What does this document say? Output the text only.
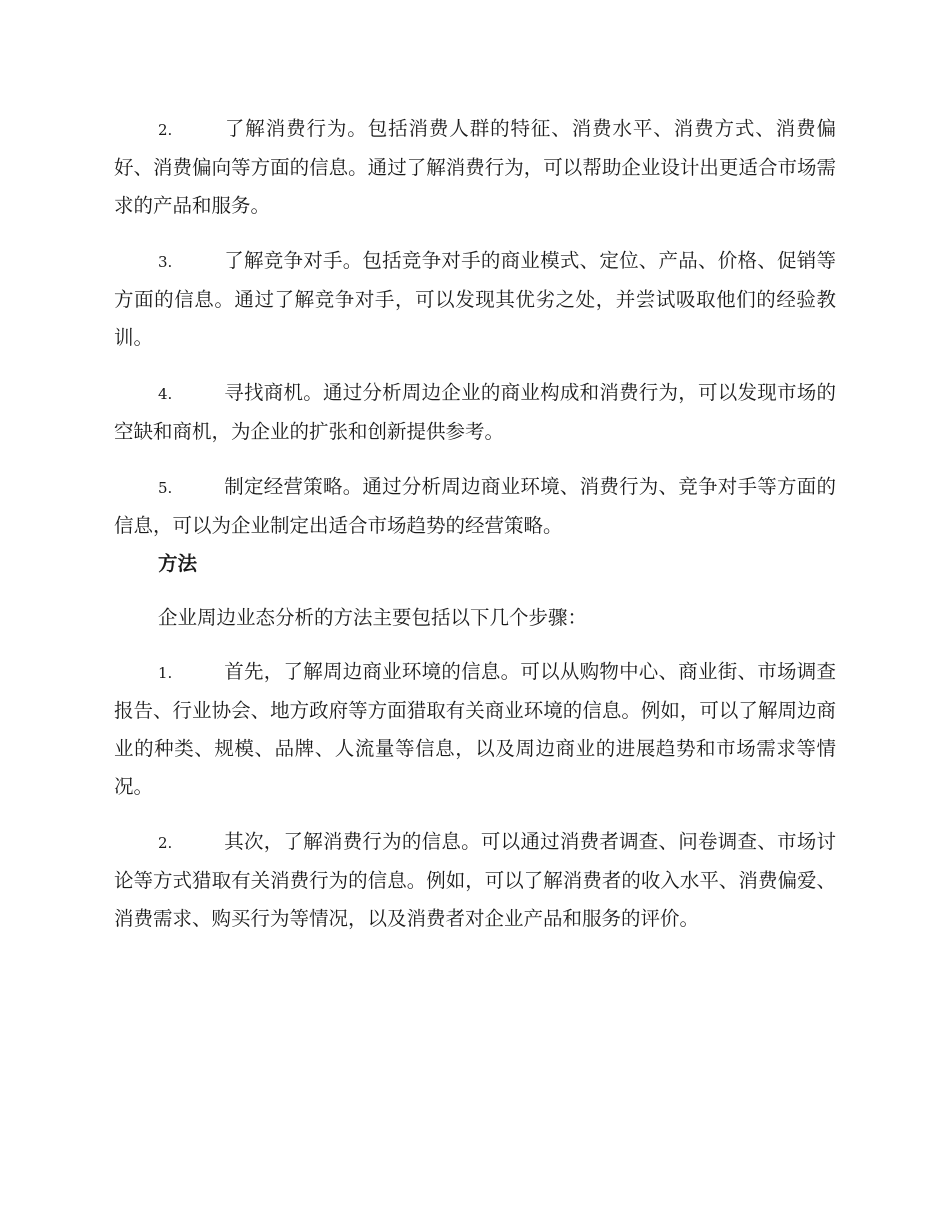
2.	了解消费行为。包括消费人群的特征、消费水平、消费方式、消费偏好、消费偏向等方面的信息。通过了解消费行为，可以帮助企业设计出更适合市场需求的产品和服务。

3.	了解竞争对手。包括竞争对手的商业模式、定位、产品、价格、促销等方面的信息。通过了解竞争对手，可以发现其优劣之处，并尝试吸取他们的经验教训。

4.	寻找商机。通过分析周边企业的商业构成和消费行为，可以发现市场的空缺和商机，为企业的扩张和创新提供参考。

5.	制定经营策略。通过分析周边商业环境、消费行为、竞争对手等方面的信息，可以为企业制定出适合市场趋势的经营策略。

方法

企业周边业态分析的方法主要包括以下几个步骤：

1.	首先，了解周边商业环境的信息。可以从购物中心、商业街、市场调查报告、行业协会、地方政府等方面猎取有关商业环境的信息。例如，可以了解周边商业的种类、规模、品牌、人流量等信息，以及周边商业的进展趋势和市场需求等情况。

2.	其次，了解消费行为的信息。可以通过消费者调查、问卷调查、市场讨论等方式猎取有关消费行为的信息。例如，可以了解消费者的收入水平、消费偏爱、消费需求、购买行为等情况，以及消费者对企业产品和服务的评价。
